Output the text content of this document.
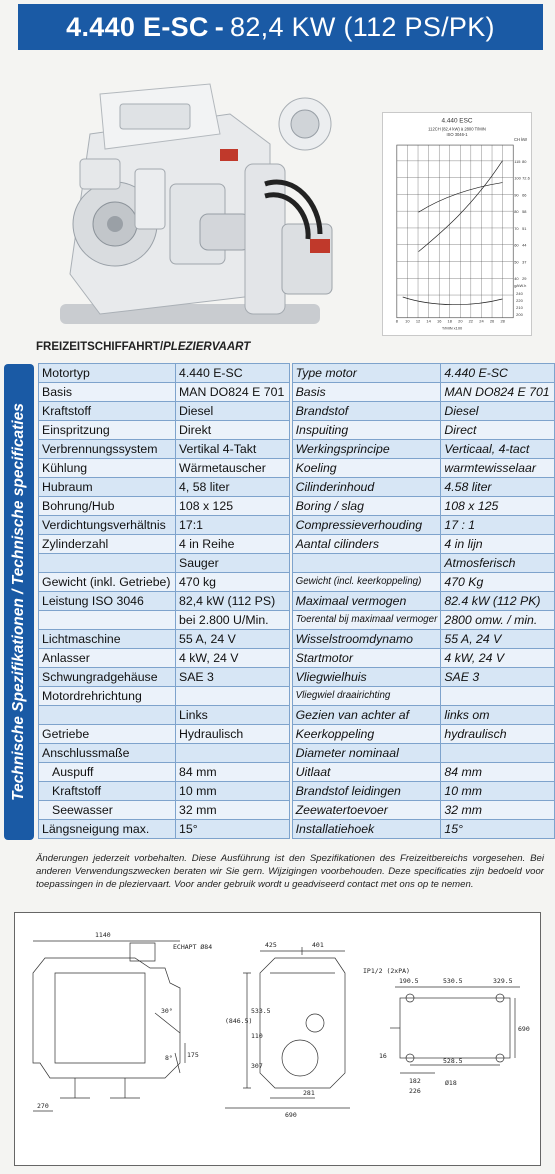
4.440 E-SC - 82,4 KW (112 PS/PK)
4.440 ESC
112CH (82,4 kW) à 2800 T/MIN
ISO 3046-1
CH kW
115
100
90
80
70
60
50
40
80
72.6
66
58
51
44
37
29
g/kW.h
240
220
210
200
8 10 12 14 16 18 20 22 24 26 28
T/MIN x100
Technische Spezifikationen / Technische specificaties
FREIZEITSCHIFFAHRT/PLEZIERVAART
Motortyp	4.440 E-SC		Type motor	4.440 E-SC
Basis	MAN DO824 E 701		Basis	MAN DO824 E 701
Kraftstoff	Diesel		Brandstof	Diesel
Einspritzung	Direkt		Inspuiting	Direct
Verbrennungssystem	Vertikal 4-Takt		Werkingsprincipe	Verticaal, 4-tact
Kühlung	Wärmetauscher		Koeling	warmtewisselaar
Hubraum	4, 58 liter		Cilinderinhoud	4.58 liter
Bohrung/Hub	108 x 125		Boring / slag	108 x 125
Verdichtungsverhältnis	17:1		Compressieverhouding	17 : 1
Zylinderzahl	4 in Reihe		Aantal cilinders	4 in lijn
	Sauger			Atmosferisch
Gewicht (inkl. Getriebe)	470 kg		Gewicht (incl. keerkoppeling)	470 Kg
Leistung ISO 3046	82,4 kW (112 PS)		Maximaal vermogen	82.4 kW (112 PK)
	bei 2.800 U/Min.		Toerental bij maximaal vermoger	2800 omw. / min.
Lichtmaschine	55 A, 24 V		Wisselstroomdynamo	55 A, 24 V
Anlasser	4 kW, 24 V		Startmotor	4 kW, 24 V
Schwungradgehäuse	SAE 3		Vliegwielhuis	SAE 3
Motordrehrichtung			Vliegwiel draairichting	
	Links		Gezien van achter af	links om
Getriebe	Hydraulisch		Keerkoppeling	hydraulisch
Anschlussmaße			Diameter nominaal	
Auspuff	84 mm		Uitlaat	84 mm
Kraftstoff	10 mm		Brandstof leidingen	10 mm
Seewasser	32 mm		Zeewatertoevoer	32 mm
Längsneigung max.	15°		Installatiehoek	15°
Änderungen jederzeit vorbehalten. Diese Ausführung ist den Spezifikationen des Freizeitbereichs vorgesehen. Bei anderen Verwendungszwecken beraten wir Sie gern. Wijzigingen voorbehouden. Deze specificaties zijn bedoeld voor toepassingen in de pleziervaart. Voor ander gebruik wordt u geadviseerd contact met ons op te nemen.
1140
ECHAPT Ø84
30°
8° 175
270
425	401
(846.5)
533.5
110
307
281
690
190.5	530.5	329.5
690
528.5
182
226
Ø18
16
IP1/2 (2xPA)
